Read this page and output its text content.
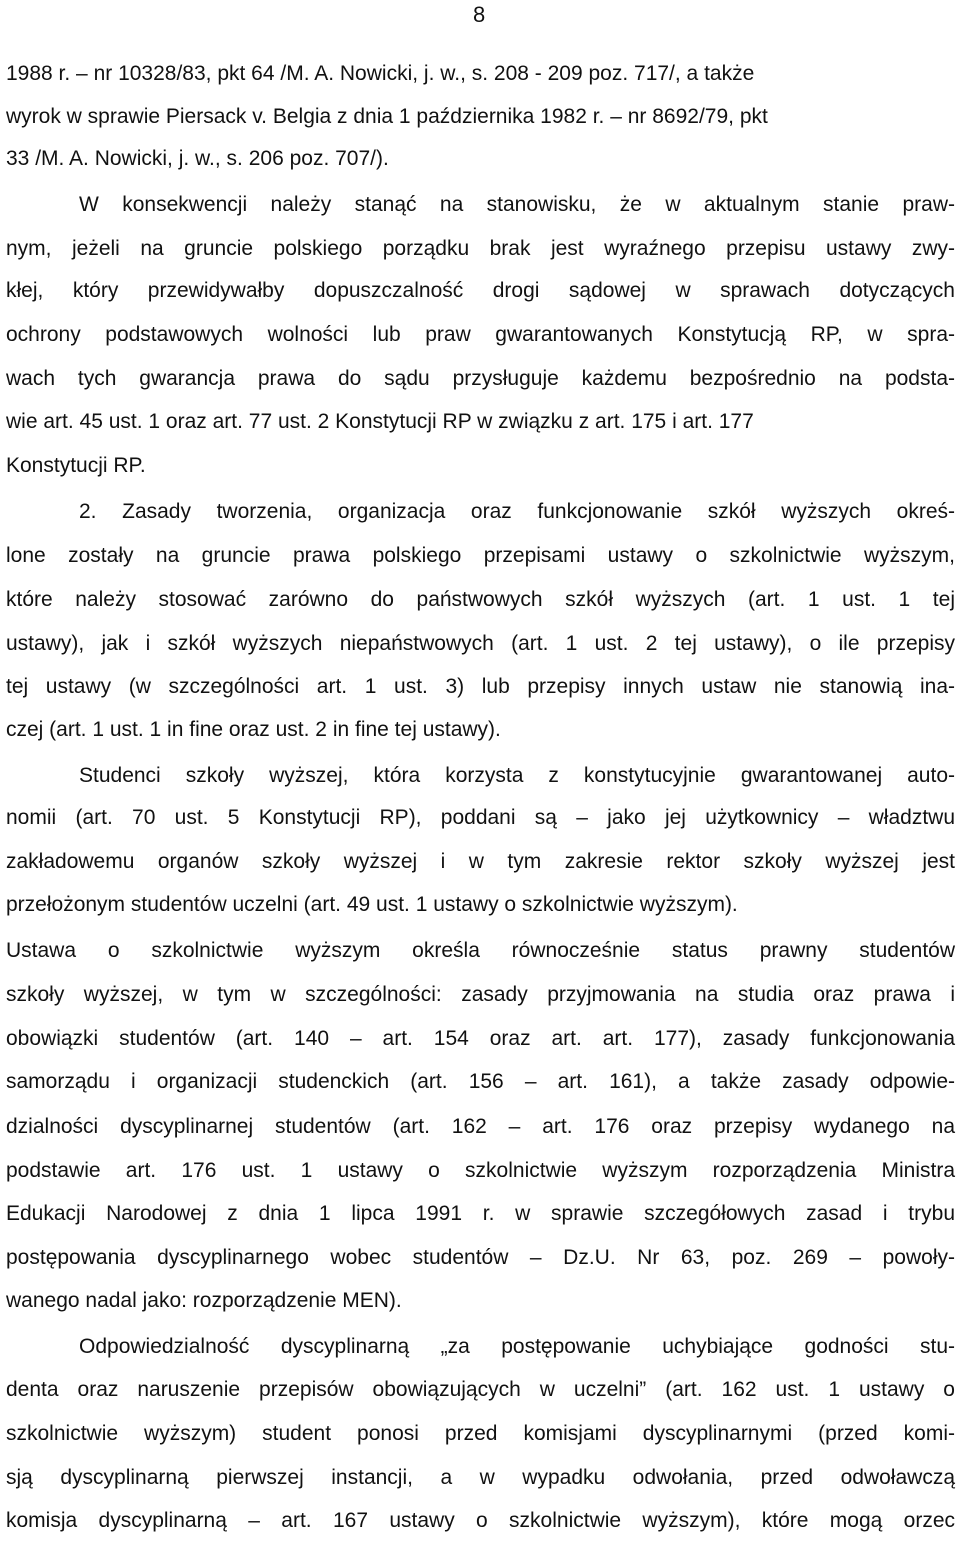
8
1988 r. – nr 10328/83, pkt 64 /M. A. Nowicki, j. w., s. 208 - 209 poz. 717/, a także
wyrok w sprawie Piersack v. Belgia z dnia 1 października 1982 r. – nr 8692/79, pkt
33 /M. A. Nowicki, j. w., s. 206 poz. 707/).
W konsekwencji należy stanąć na stanowisku, że w aktualnym stanie praw-
nym, jeżeli na gruncie polskiego porządku brak jest wyraźnego przepisu ustawy zwy-
kłej, który przewidywałby dopuszczalność drogi sądowej w sprawach dotyczących
ochrony podstawowych wolności lub praw gwarantowanych Konstytucją RP, w spra-
wach tych gwarancja prawa do sądu przysługuje każdemu bezpośrednio na podsta-
wie art. 45 ust. 1 oraz art. 77 ust. 2 Konstytucji RP w związku z art. 175 i art. 177
Konstytucji RP.
2. Zasady tworzenia, organizacja oraz funkcjonowanie szkół wyższych okreś-
lone zostały na gruncie prawa polskiego przepisami ustawy o szkolnictwie wyższym,
które należy stosować zarówno do państwowych szkół wyższych (art. 1 ust. 1 tej
ustawy), jak i szkół wyższych niepaństwowych (art. 1 ust. 2 tej ustawy), o ile przepisy
tej ustawy (w szczególności art. 1 ust. 3) lub przepisy innych ustaw nie stanowią ina-
czej (art. 1 ust. 1 in fine oraz ust. 2 in fine tej ustawy).
Studenci szkoły wyższej, która korzysta z konstytucyjnie gwarantowanej auto-
nomii (art. 70 ust. 5 Konstytucji RP), poddani są – jako jej użytkownicy – władztwu
zakładowemu organów szkoły wyższej i w tym zakresie rektor szkoły wyższej jest
przełożonym studentów uczelni (art. 49 ust. 1 ustawy o szkolnictwie wyższym).
Ustawa o szkolnictwie wyższym określa równocześnie status prawny studentów
szkoły wyższej, w tym w szczególności: zasady przyjmowania na studia oraz prawa i
obowiązki studentów (art. 140 – art. 154 oraz art. art. 177), zasady funkcjonowania
samorządu i organizacji studenckich (art. 156 – art. 161), a także zasady odpowie-
dzialności dyscyplinarnej studentów (art. 162 – art. 176 oraz przepisy wydanego na
podstawie art. 176 ust. 1 ustawy o szkolnictwie wyższym rozporządzenia Ministra
Edukacji Narodowej z dnia 1 lipca 1991 r. w sprawie szczegółowych zasad i trybu
postępowania dyscyplinarnego wobec studentów – Dz.U. Nr 63, poz. 269 – powoły-
wanego nadal jako: rozporządzenie MEN).
Odpowiedzialność dyscyplinarną „za postępowanie uchybiające godności stu-
denta oraz naruszenie przepisów obowiązujących w uczelni” (art. 162 ust. 1 ustawy o
szkolnictwie wyższym) student ponosi przed komisjami dyscyplinarnymi (przed komi-
sją dyscyplinarną pierwszej instancji, a w wypadku odwołania, przed odwoławczą
komisja dyscyplinarną – art. 167 ustawy o szkolnictwie wyższym), które mogą orzec
